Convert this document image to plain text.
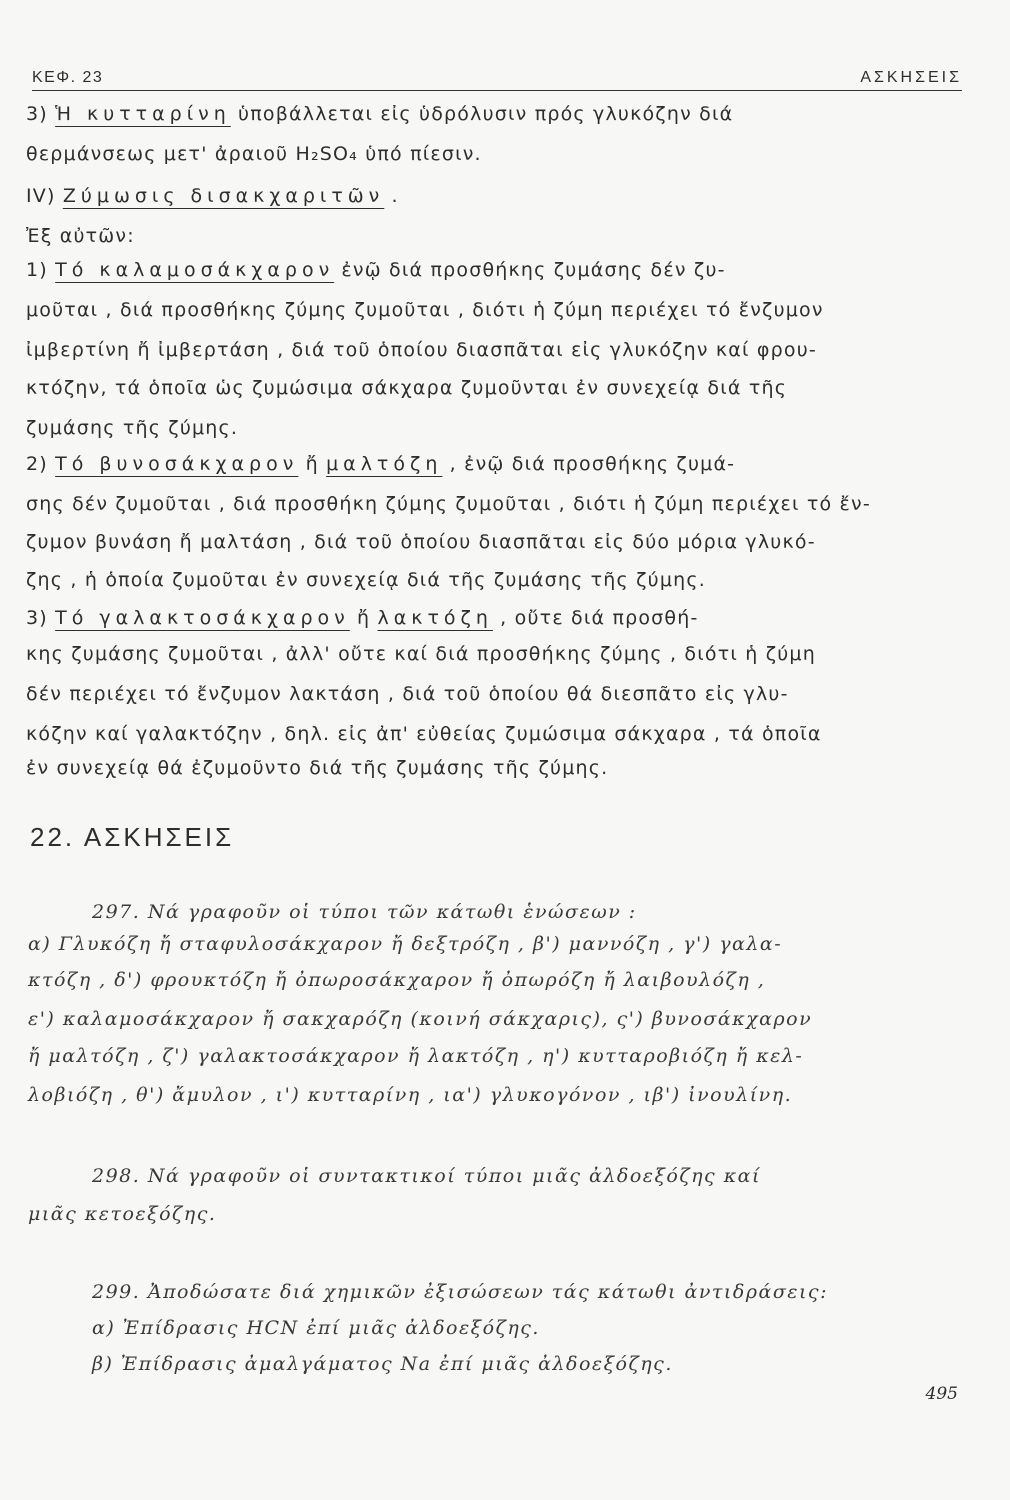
ΚΕΦ. 23	ΑΣΚΗΣΕΙΣ
3) Ἡ κυτταρίνη ὑποβάλλεται εἰς ὑδρόλυσιν πρός γλυκόζην διά
θερμάνσεως μετ' ἀραιοῦ H₂SO₄ ὑπό πίεσιν.
IV) Ζύμωσις δισακχαριτῶν .
Ἐξ αὐτῶν:
1) Τό καλαμοσάκχαρον ἐνῷ διά προσθήκης ζυμάσης δέν ζυ-
μοῦται , διά προσθήκης ζύμης ζυμοῦται , διότι ἡ ζύμη περιέχει τό ἔνζυμον
ἰμβερτίνη ἤ ἰμβερτάση , διά τοῦ ὁποίου διασπᾶται εἰς γλυκόζην καί φρου-
κτόζην, τά ὁποῖα ὡς ζυμώσιμα σάκχαρα ζυμοῦνται ἐν συνεχείᾳ διά τῆς
ζυμάσης τῆς ζύμης.
2) Τό βυνοσάκχαρον ἤ μαλτόζη , ἐνῷ διά προσθήκης ζυμά-
σης δέν ζυμοῦται , διά προσθήκη ζύμης ζυμοῦται , διότι ἡ ζύμη περιέχει τό ἔν-
ζυμον βυνάση ἤ μαλτάση , διά τοῦ ὁποίου διασπᾶται εἰς δύο μόρια γλυκό-
ζης , ἡ ὁποία ζυμοῦται ἐν συνεχείᾳ διά τῆς ζυμάσης τῆς ζύμης.
3) Τό γαλακτοσάκχαρον ἤ λακτόζη , οὔτε διά προσθή-
κης ζυμάσης ζυμοῦται , ἀλλ' οὔτε καί διά προσθήκης ζύμης , διότι ἡ ζύμη
δέν περιέχει τό ἔνζυμον λακτάση , διά τοῦ ὁποίου θά διεσπᾶτο εἰς γλυ-
κόζην καί γαλακτόζην , δηλ. εἰς ἀπ' εὐθείας ζυμώσιμα σάκχαρα , τά ὁποῖα
ἐν συνεχείᾳ θά ἐζυμοῦντο διά τῆς ζυμάσης τῆς ζύμης.
22. ΑΣΚΗΣΕΙΣ
297. Νά γραφοῦν οἱ τύποι τῶν κάτωθι ἑνώσεων :
α) Γλυκόζη ἤ σταφυλοσάκχαρον ἤ δεξτρόζη , β') μαννόζη , γ') γαλα-
κτόζη , δ') φρουκτόζη ἤ ὀπωροσάκχαρον ἤ ὀπωρόζη ἤ λαιβουλόζη ,
ε') καλαμοσάκχαρον ἤ σακχαρόζη (κοινή σάκχαρις), ς') βυνοσάκχαρον
ἤ μαλτόζη , ζ') γαλακτοσάκχαρον ἤ λακτόζη , η') κυτταροβιόζη ἤ κελ-
λοβιόζη , θ') ἄμυλον , ι') κυτταρίνη , ια') γλυκογόνον , ιβ') ἰνουλίνη.
298. Νά γραφοῦν οἱ συντακτικοί τύποι μιᾶς ἀλδοεξόζης καί
μιᾶς κετοεξόζης.
299. Ἀποδώσατε διά χημικῶν ἐξισώσεων τάς κάτωθι ἀντιδράσεις:
α) Ἐπίδρασις HCN ἐπί μιᾶς ἀλδοεξόζης.
β) Ἐπίδρασις ἀμαλγάματος Na ἐπί μιᾶς ἀλδοεξόζης.
495
